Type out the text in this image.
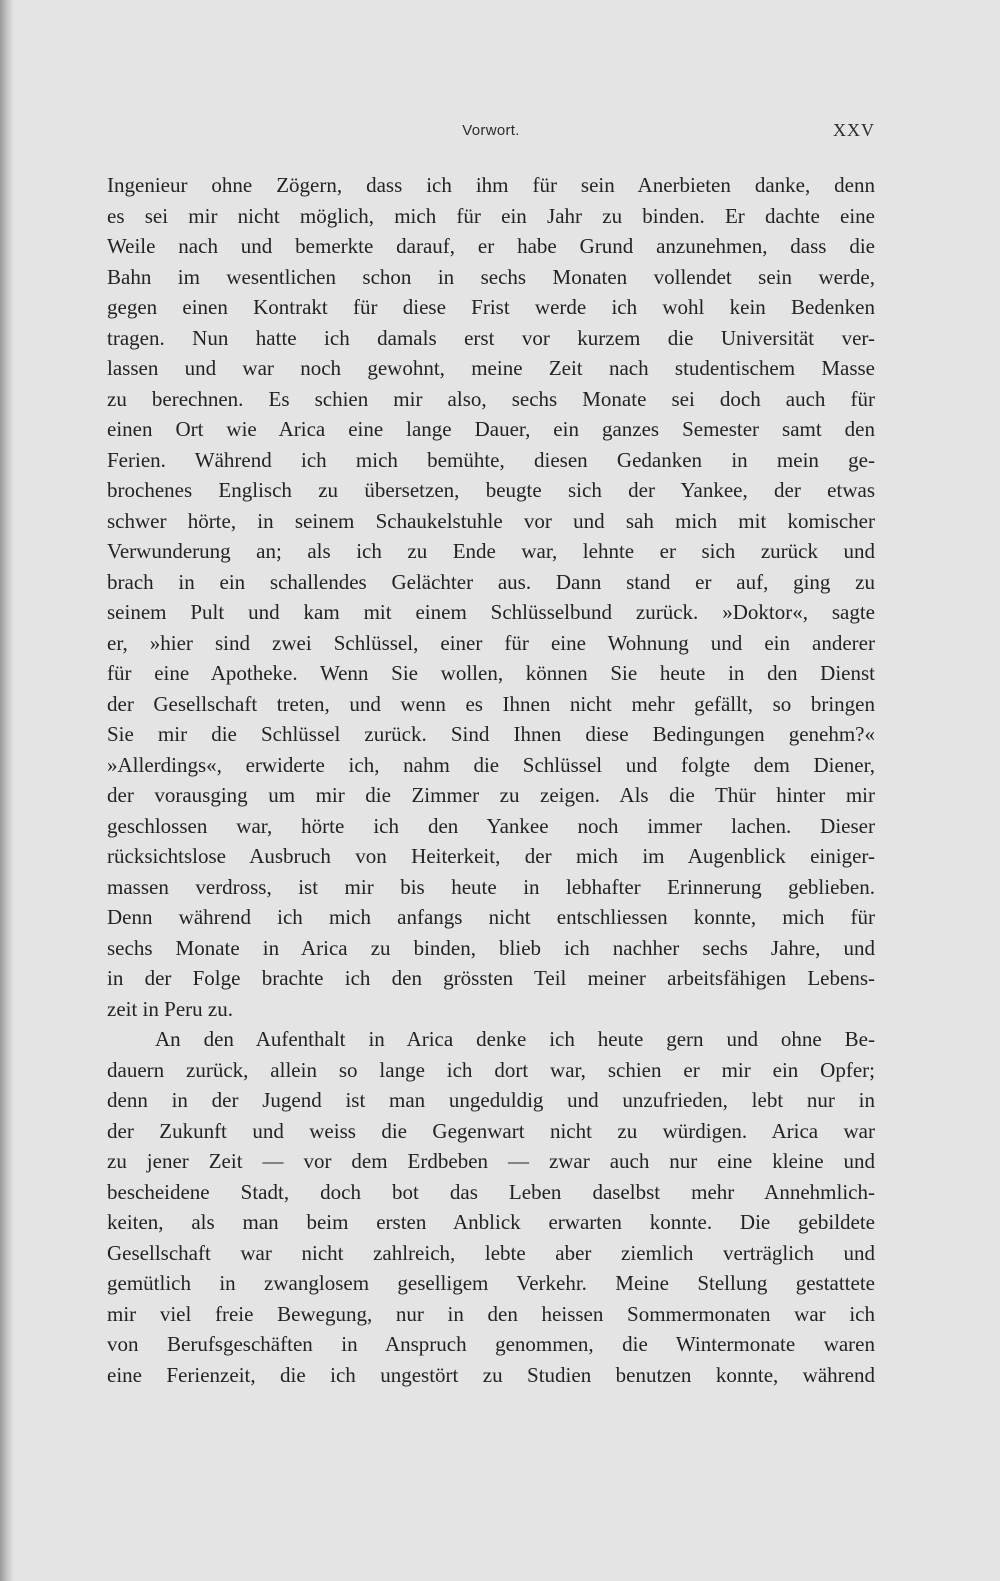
Vorwort.	XXV
Ingenieur ohne Zögern, dass ich ihm für sein Anerbieten danke, denn
es sei mir nicht möglich, mich für ein Jahr zu binden. Er dachte eine
Weile nach und bemerkte darauf, er habe Grund anzunehmen, dass die
Bahn im wesentlichen schon in sechs Monaten vollendet sein werde,
gegen einen Kontrakt für diese Frist werde ich wohl kein Bedenken
tragen. Nun hatte ich damals erst vor kurzem die Universität ver-
lassen und war noch gewohnt, meine Zeit nach studentischem Masse
zu berechnen. Es schien mir also, sechs Monate sei doch auch für
einen Ort wie Arica eine lange Dauer, ein ganzes Semester samt den
Ferien. Während ich mich bemühte, diesen Gedanken in mein ge-
brochenes Englisch zu übersetzen, beugte sich der Yankee, der etwas
schwer hörte, in seinem Schaukelstuhle vor und sah mich mit komischer
Verwunderung an; als ich zu Ende war, lehnte er sich zurück und
brach in ein schallendes Gelächter aus. Dann stand er auf, ging zu
seinem Pult und kam mit einem Schlüsselbund zurück. »Doktor«, sagte
er, »hier sind zwei Schlüssel, einer für eine Wohnung und ein anderer
für eine Apotheke. Wenn Sie wollen, können Sie heute in den Dienst
der Gesellschaft treten, und wenn es Ihnen nicht mehr gefällt, so bringen
Sie mir die Schlüssel zurück. Sind Ihnen diese Bedingungen genehm?«
»Allerdings«, erwiderte ich, nahm die Schlüssel und folgte dem Diener,
der vorausging um mir die Zimmer zu zeigen. Als die Thür hinter mir
geschlossen war, hörte ich den Yankee noch immer lachen. Dieser
rücksichtslose Ausbruch von Heiterkeit, der mich im Augenblick einiger-
massen verdross, ist mir bis heute in lebhafter Erinnerung geblieben.
Denn während ich mich anfangs nicht entschliessen konnte, mich für
sechs Monate in Arica zu binden, blieb ich nachher sechs Jahre, und
in der Folge brachte ich den grössten Teil meiner arbeitsfähigen Lebens-
zeit in Peru zu.
An den Aufenthalt in Arica denke ich heute gern und ohne Be-
dauern zurück, allein so lange ich dort war, schien er mir ein Opfer;
denn in der Jugend ist man ungeduldig und unzufrieden, lebt nur in
der Zukunft und weiss die Gegenwart nicht zu würdigen. Arica war
zu jener Zeit — vor dem Erdbeben — zwar auch nur eine kleine und
bescheidene Stadt, doch bot das Leben daselbst mehr Annehmlich-
keiten, als man beim ersten Anblick erwarten konnte. Die gebildete
Gesellschaft war nicht zahlreich, lebte aber ziemlich verträglich und
gemütlich in zwanglosem geselligem Verkehr. Meine Stellung gestattete
mir viel freie Bewegung, nur in den heissen Sommermonaten war ich
von Berufsgeschäften in Anspruch genommen, die Wintermonate waren
eine Ferienzeit, die ich ungestört zu Studien benutzen konnte, während
